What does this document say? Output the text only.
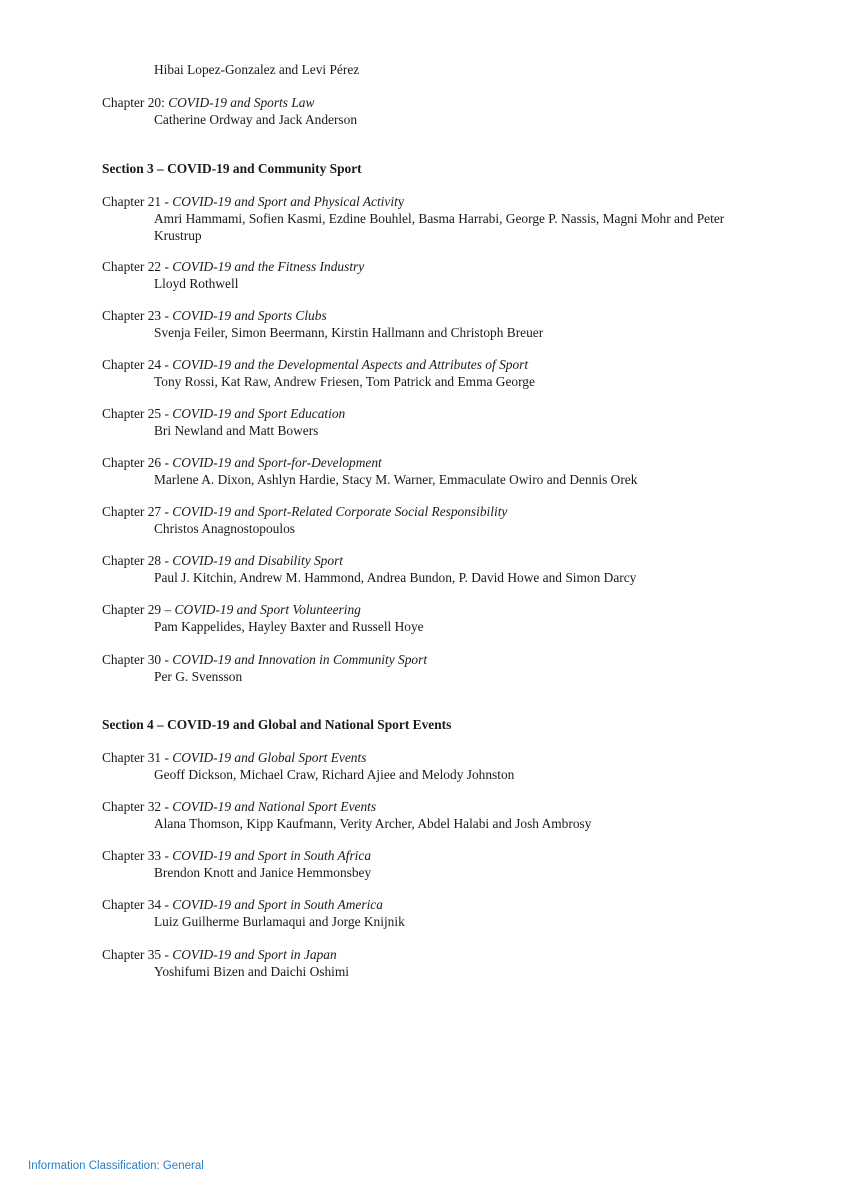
Hibai Lopez-Gonzalez and Levi Pérez
Chapter 20: COVID-19 and Sports Law
Catherine Ordway and Jack Anderson
Section 3 – COVID-19 and Community Sport
Chapter 21 - COVID-19 and Sport and Physical Activity
Amri Hammami, Sofien Kasmi, Ezdine Bouhlel, Basma Harrabi, George P. Nassis, Magni Mohr and Peter Krustrup
Chapter 22 - COVID-19 and the Fitness Industry
Lloyd Rothwell
Chapter 23 - COVID-19 and Sports Clubs
Svenja Feiler, Simon Beermann, Kirstin Hallmann and Christoph Breuer
Chapter 24 - COVID-19 and the Developmental Aspects and Attributes of Sport
Tony Rossi, Kat Raw, Andrew Friesen, Tom Patrick and Emma George
Chapter 25 - COVID-19 and Sport Education
Bri Newland and Matt Bowers
Chapter 26 - COVID-19 and Sport-for-Development
Marlene A. Dixon, Ashlyn Hardie, Stacy M. Warner, Emmaculate Owiro and Dennis Orek
Chapter 27 - COVID-19 and Sport-Related Corporate Social Responsibility
Christos Anagnostopoulos
Chapter 28 - COVID-19 and Disability Sport
Paul J. Kitchin, Andrew M. Hammond, Andrea Bundon, P. David Howe and Simon Darcy
Chapter 29 – COVID-19 and Sport Volunteering
Pam Kappelides, Hayley Baxter and Russell Hoye
Chapter 30 - COVID-19 and Innovation in Community Sport
Per G. Svensson
Section 4 – COVID-19 and Global and National Sport Events
Chapter 31 - COVID-19 and Global Sport Events
Geoff Dickson, Michael Craw, Richard Ajiee and Melody Johnston
Chapter 32 - COVID-19 and National Sport Events
Alana Thomson, Kipp Kaufmann, Verity Archer, Abdel Halabi and Josh Ambrosy
Chapter 33 - COVID-19 and Sport in South Africa
Brendon Knott and Janice Hemmonsbey
Chapter 34 - COVID-19 and Sport in South America
Luiz Guilherme Burlamaqui and Jorge Knijnik
Chapter 35 - COVID-19 and Sport in Japan
Yoshifumi Bizen and Daichi Oshimi
Information Classification: General
